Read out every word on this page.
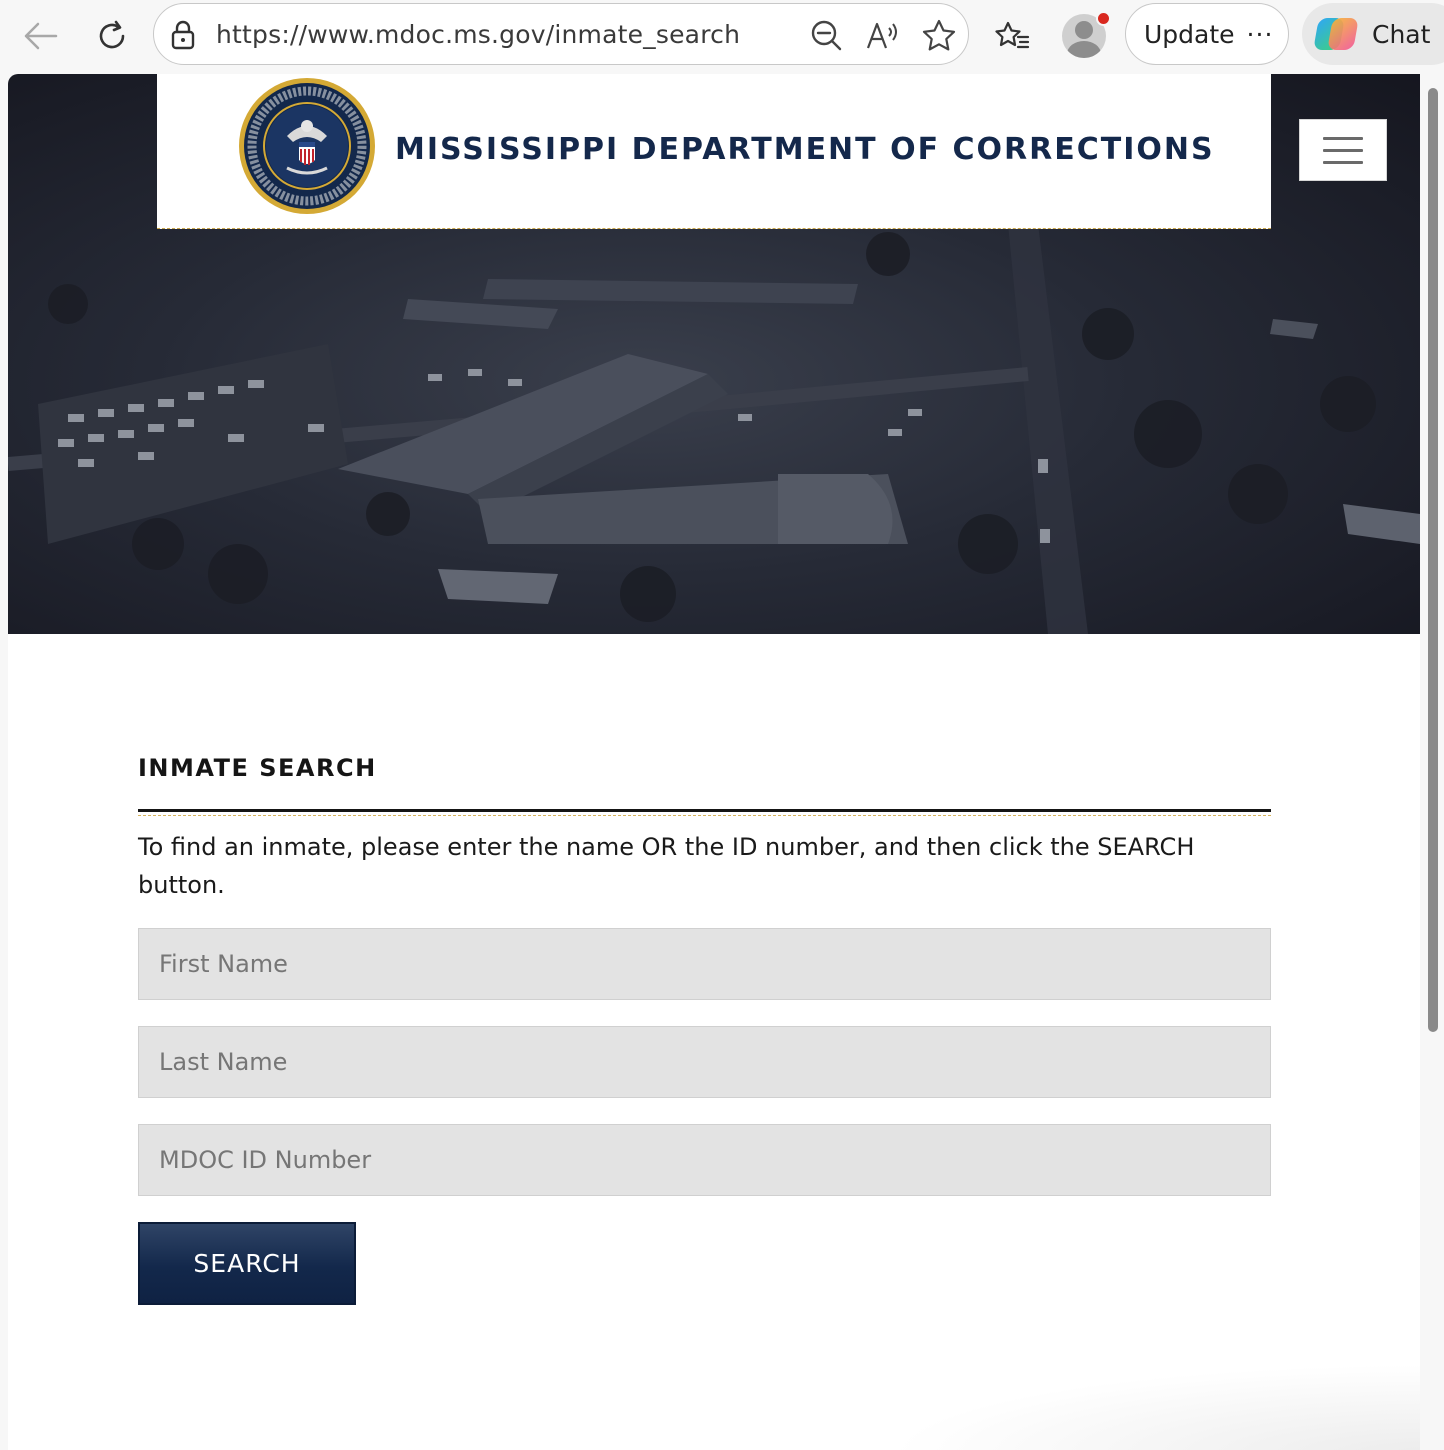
https://www.mdoc.ms.gov/inmate_search	Update ···	Chat
MISSISSIPPI DEPARTMENT OF CORRECTIONS
INMATE SEARCH
To find an inmate, please enter the name OR the ID number, and then click the SEARCH button.
First Name
Last Name
MDOC ID Number
SEARCH
